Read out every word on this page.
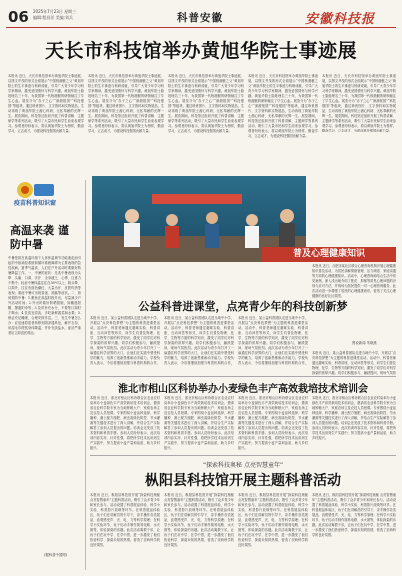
06 2025年7月23日 星期三
编辑:程昌洋 美编:刘兵	科普安徽	安徽科技报
天长市科技馆举办黄旭华院士事迹展
本报讯 近日，天长市科技馆举办黄旭华院士事迹展，以图文并茂的形式全面展示“中国核潜艇之父”黄旭华院士的生平事迹与科研成就，引导广大青少年学习科学家精神，激发爱国情怀与科学兴趣。黄旭华院士隐姓埋名三十年，为我国第一代核潜艇的研制倾注了毕生心血。展览分为“赤子之心”“深潜报国”“科技强国”等板块，通过珍贵图片、文字资料和实物展品，生动再现了黄旭华院士潜心科研、无私奉献的光辉一生。展览期间，科技馆还组织开展了科普讲解、主题研学等系列活动，吸引了大量市民和学生前来参观学习。参观者纷纷表示，将以黄旭华院士为榜样，勤奋学习，立志成才，为建设科技强国贡献力量。
本报讯 近日，天长市科技馆举办黄旭华院士事迹展，以图文并茂的形式全面展示“中国核潜艇之父”黄旭华院士的生平事迹与科研成就，引导广大青少年学习科学家精神，激发爱国情怀与科学兴趣。黄旭华院士隐姓埋名三十年，为我国第一代核潜艇的研制倾注了毕生心血。展览分为“赤子之心”“深潜报国”“科技强国”等板块，通过珍贵图片、文字资料和实物展品，生动再现了黄旭华院士潜心科研、无私奉献的光辉一生。展览期间，科技馆还组织开展了科普讲解、主题研学等系列活动，吸引了大量市民和学生前来参观学习。参观者纷纷表示，将以黄旭华院士为榜样，勤奋学习，立志成才，为建设科技强国贡献力量。
本报讯 近日，天长市科技馆举办黄旭华院士事迹展，以图文并茂的形式全面展示“中国核潜艇之父”黄旭华院士的生平事迹与科研成就，引导广大青少年学习科学家精神，激发爱国情怀与科学兴趣。黄旭华院士隐姓埋名三十年，为我国第一代核潜艇的研制倾注了毕生心血。展览分为“赤子之心”“深潜报国”“科技强国”等板块，通过珍贵图片、文字资料和实物展品，生动再现了黄旭华院士潜心科研、无私奉献的光辉一生。展览期间，科技馆还组织开展了科普讲解、主题研学等系列活动，吸引了大量市民和学生前来参观学习。参观者纷纷表示，将以黄旭华院士为榜样，勤奋学习，立志成才，为建设科技强国贡献力量。
本报讯 近日，天长市科技馆举办黄旭华院士事迹展，以图文并茂的形式全面展示“中国核潜艇之父”黄旭华院士的生平事迹与科研成就，引导广大青少年学习科学家精神，激发爱国情怀与科学兴趣。黄旭华院士隐姓埋名三十年，为我国第一代核潜艇的研制倾注了毕生心血。展览分为“赤子之心”“深潜报国”“科技强国”等板块，通过珍贵图片、文字资料和实物展品，生动再现了黄旭华院士潜心科研、无私奉献的光辉一生。展览期间，科技馆还组织开展了科普讲解、主题研学等系列活动，吸引了大量市民和学生前来参观学习。参观者纷纷表示，将以黄旭华院士为榜样，勤奋学习，立志成才，为建设科技强国贡献力量。
本报讯 近日，天长市科技馆举办黄旭华院士事迹展，以图文并茂的形式全面展示“中国核潜艇之父”黄旭华院士的生平事迹与科研成就，引导广大青少年学习科学家精神，激发爱国情怀与科学兴趣。黄旭华院士隐姓埋名三十年，为我国第一代核潜艇的研制倾注了毕生心血。展览分为“赤子之心”“深潜报国”“科技强国”等板块，通过珍贵图片、文字资料和实物展品，生动再现了黄旭华院士潜心科研、无私奉献的光辉一生。展览期间，科技馆还组织开展了科普讲解、主题研学等系列活动，吸引了大量市民和学生前来参观学习。参观者纷纷表示，将以黄旭华院士为榜样，勤奋学习，立志成才，为建设科技强国贡献力量。
疫苗科普知识窗
高温来袭 谨防中暑
中暑是指在高温环境下人体体温调节功能紊乱而引起的中枢神经系统和循环系统障碍为主要表现的急性疾病。夏季气温高，人们在户外活动时要做好防暑降温工作。一、中暑的症状：先兆中暑表现为头晕、头痛、口渴、多汗、全身疲乏、心悸、注意力不集中；轻症中暑体温往往在38℃以上，除头晕、口渴外，往往有面色潮红、大量出汗、皮肤灼热等表现；重症中暑可出现昏迷、抽搐等症状。二、如何预防中暑：1.避免在高温时段外出，尽量减少户外活动时间；2.外出时做好防晒措施，如戴遮阳帽、撑遮阳伞等；3.及时补充水分，不要等口渴时才喝水；4.饮食宜清淡，多吃新鲜蔬菜和水果；5.保证充足睡眠，合理安排作息。三、发生中暑怎么办：应迅速将患者转移到阴凉通风处，解开衣扣，用湿毛巾擦拭身体降温，并补充淡盐水，症状严重者应立即送医救治。
(据科普中国网)
普及心理健康知识
本报讯 近日，合肥市某社区联合心理咨询机构开展心理健康知识普及活动，为居民讲解情绪管理、压力调适、家庭沟通等方面的心理健康知识。活动中，心理咨询师结合生活中常见案例，深入浅出地介绍了焦虑、抑郁等常见心理问题的识别与应对方法，并现场为居民提供一对一心理咨询服务。此次活动进一步增强了居民的心理健康意识，营造了关注心理健康的良好社区氛围。
图说新闻 朱晓燕
公益科普进课堂，点亮青少年的科技创新梦
本报讯 近日，某公益科普团队走进当地中小学，开展以“点亮科技梦想”为主题的科普进课堂活动。活动中，科普老师通过趣味实验、科普讲座、互动问答等形式，向学生们普及物理、化学、生物等方面的科学知识，激发了同学们对科学探索的浓厚兴趣。同学们积极参与，踊跃提问，现场气氛热烈。此次活动为青少年打开了一扇通往科学世界的大门，让他们在实践中感受科学的魅力，培养了创新思维和动手能力。学校负责人表示，今后将继续加强与科普机构的合作，
本报讯 近日，某公益科普团队走进当地中小学，开展以“点亮科技梦想”为主题的科普进课堂活动。活动中，科普老师通过趣味实验、科普讲座、互动问答等形式，向学生们普及物理、化学、生物等方面的科学知识，激发了同学们对科学探索的浓厚兴趣。同学们积极参与，踊跃提问，现场气氛热烈。此次活动为青少年打开了一扇通往科学世界的大门，让他们在实践中感受科学的魅力，培养了创新思维和动手能力。学校负责人表示，今后将继续加强与科普机构的合作，
本报讯 近日，某公益科普团队走进当地中小学，开展以“点亮科技梦想”为主题的科普进课堂活动。活动中，科普老师通过趣味实验、科普讲座、互动问答等形式，向学生们普及物理、化学、生物等方面的科学知识，激发了同学们对科学探索的浓厚兴趣。同学们积极参与，踊跃提问，现场气氛热烈。此次活动为青少年打开了一扇通往科学世界的大门，让他们在实践中感受科学的魅力，培养了创新思维和动手能力。学校负责人表示，今后将继续加强与科普机构的合作，
本报讯 近日，某公益科普团队走进当地中小学，开展以“点亮科技梦想”为主题的科普进课堂活动。活动中，科普老师通过趣味实验、科普讲座、互动问答等形式，向学生们普及物理、化学、生物等方面的科学知识，激发了同学们对科学探索的浓厚兴趣。同学们积极参与，踊跃提问，现场气氛热
淮北市相山区科协举办小麦绿色丰产高效栽培技术培训会
本报讯 近日，淮北市相山区科协联合区农业农村局举办小麦绿色丰产高效栽培技术培训会，邀请省农业科学院专家为当地种粮大户、家庭农场主及农技人员授课。专家围绕小麦品种选择、科学播种、测土配方施肥、病虫害绿色防控、节水灌溉等关键技术进行了深入讲解，并结合生产实际解答了参训人员提出的问题。培训会还发放了技术资料和科普手册。参训人员纷纷表示，此次培训内容实用、针对性强，将把所学技术运用到生产实践中，努力提高小麦产量和品质，助力乡村振兴。
本报讯 近日，淮北市相山区科协联合区农业农村局举办小麦绿色丰产高效栽培技术培训会，邀请省农业科学院专家为当地种粮大户、家庭农场主及农技人员授课。专家围绕小麦品种选择、科学播种、测土配方施肥、病虫害绿色防控、节水灌溉等关键技术进行了深入讲解，并结合生产实际解答了参训人员提出的问题。培训会还发放了技术资料和科普手册。参训人员纷纷表示，此次培训内容实用、针对性强，将把所学技术运用到生产实践中，努力提高小麦产量和品质，助力乡村振兴。
本报讯 近日，淮北市相山区科协联合区农业农村局举办小麦绿色丰产高效栽培技术培训会，邀请省农业科学院专家为当地种粮大户、家庭农场主及农技人员授课。专家围绕小麦品种选择、科学播种、测土配方施肥、病虫害绿色防控、节水灌溉等关键技术进行了深入讲解，并结合生产实际解答了参训人员提出的问题。培训会还发放了技术资料和科普手册。参训人员纷纷表示，此次培训内容实用、针对性强，将把所学技术运用到生产实践中，努力提高小麦产量和品质，助力乡村振兴。
本报讯 近日，淮北市相山区科协联合区农业农村局举办小麦绿色丰产高效栽培技术培训会，邀请省农业科学院专家为当地种粮大户、家庭农场主及农技人员授课。专家围绕小麦品种选择、科学播种、测土配方施肥、病虫害绿色防控、节水灌溉等关键技术进行了深入讲解，并结合生产实际解答了参训人员提出的问题。培训会还发放了技术资料和科普手册。参训人员纷纷表示，此次培训内容实用、针对性强，将把所学技术运用到生产实践中，努力提高小麦产量和品质，助力乡村振兴。
“探索科技奥秘 点亮智慧童年”
枞阳县科技馆开展主题科普活动
本报讯 近日，枞阳县科技馆开展“探索科技奥秘 点亮智慧童年”主题科普活动，吸引了众多青少年和家长参与。活动设置了科普展品体验、科学小实验、科普影片放映等环节。在科普展品体验区，孩子们在讲解员的引导下，亲手操作各类展品，直观感受声、光、电、力等科学原理；在科学小实验环节，孩子们动手制作简易电路、水火箭等，体验探索的乐趣。此次活动寓教于乐，让孩子们在玩中学、在学中思，进一步激发了他们热爱科学、探索未知的热情，营造了崇尚科学的良好氛围。
本报讯 近日，枞阳县科技馆开展“探索科技奥秘 点亮智慧童年”主题科普活动，吸引了众多青少年和家长参与。活动设置了科普展品体验、科学小实验、科普影片放映等环节。在科普展品体验区，孩子们在讲解员的引导下，亲手操作各类展品，直观感受声、光、电、力等科学原理；在科学小实验环节，孩子们动手制作简易电路、水火箭等，体验探索的乐趣。此次活动寓教于乐，让孩子们在玩中学、在学中思，进一步激发了他们热爱科学、探索未知的热情，营造了崇尚科学的良好氛围。
本报讯 近日，枞阳县科技馆开展“探索科技奥秘 点亮智慧童年”主题科普活动，吸引了众多青少年和家长参与。活动设置了科普展品体验、科学小实验、科普影片放映等环节。在科普展品体验区，孩子们在讲解员的引导下，亲手操作各类展品，直观感受声、光、电、力等科学原理；在科学小实验环节，孩子们动手制作简易电路、水火箭等，体验探索的乐趣。此次活动寓教于乐，让孩子们在玩中学、在学中思，进一步激发了他们热爱科学、探索未知的热情，营造了崇尚科学的良好氛围。
本报讯 近日，枞阳县科技馆开展“探索科技奥秘 点亮智慧童年”主题科普活动，吸引了众多青少年和家长参与。活动设置了科普展品体验、科学小实验、科普影片放映等环节。在科普展品体验区，孩子们在讲解员的引导下，亲手操作各类展品，直观感受声、光、电、力等科学原理；在科学小实验环节，孩子们动手制作简易电路、水火箭等，体验探索的乐趣。此次活动寓教于乐，让孩子们在玩中学、在学中思，进一步激发了他们热爱科学、探索未知的热情，营造了崇尚科学的良好氛围。
